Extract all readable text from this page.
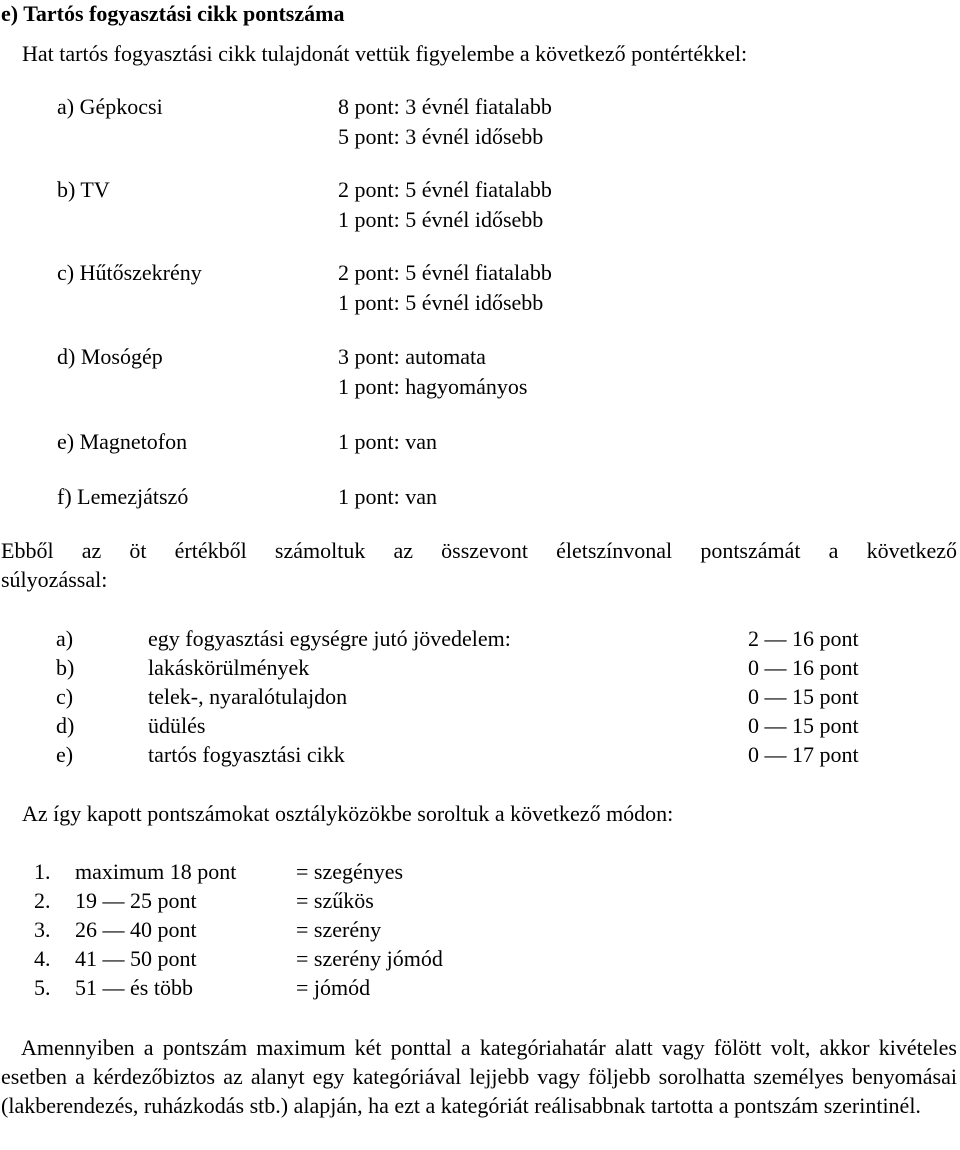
e) Tartós fogyasztási cikk pontszáma
Hat tartós fogyasztási cikk tulajdonát vettük figyelembe a következő pontértékkel:
a) Gépkocsi	8 pont: 3 évnél fiatalabb
5 pont: 3 évnél idősebb
b) TV	2 pont: 5 évnél fiatalabb
1 pont: 5 évnél idősebb
c) Hűtőszekrény	2 pont: 5 évnél fiatalabb
1 pont: 5 évnél idősebb
d) Mosógép	3 pont: automata
1 pont: hagyományos
e) Magnetofon	1 pont: van
f) Lemezjátszó	1 pont: van
Ebből az öt értékből számoltuk az összevont életszínvonal pontszámát a következő súlyozással:
a)	egy fogyasztási egységre jutó jövedelem:	2 — 16 pont
b)	lakáskörülmények	0 — 16 pont
c)	telek-, nyaralótulajdon	0 — 15 pont
d)	üdülés	0 — 15 pont
e)	tartós fogyasztási cikk	0 — 17 pont
Az így kapott pontszámokat osztályközökbe soroltuk a következő módon:
1. maximum 18 pont	= szegényes
2. 19 — 25 pont	= szűkös
3. 26 — 40 pont	= szerény
4. 41 — 50 pont	= szerény jómód
5. 51 — és több	= jómód
Amennyiben a pontszám maximum két ponttal a kategóriahatár alatt vagy fölött volt, akkor kivételes esetben a kérdezőbiztos az alanyt egy kategóriával lejjebb vagy följebb sorolhatta személyes benyomásai (lakberendezés, ruházkodás stb.) alapján, ha ezt a kategóriát reálisabbnak tartotta a pontszám szerintinél.
